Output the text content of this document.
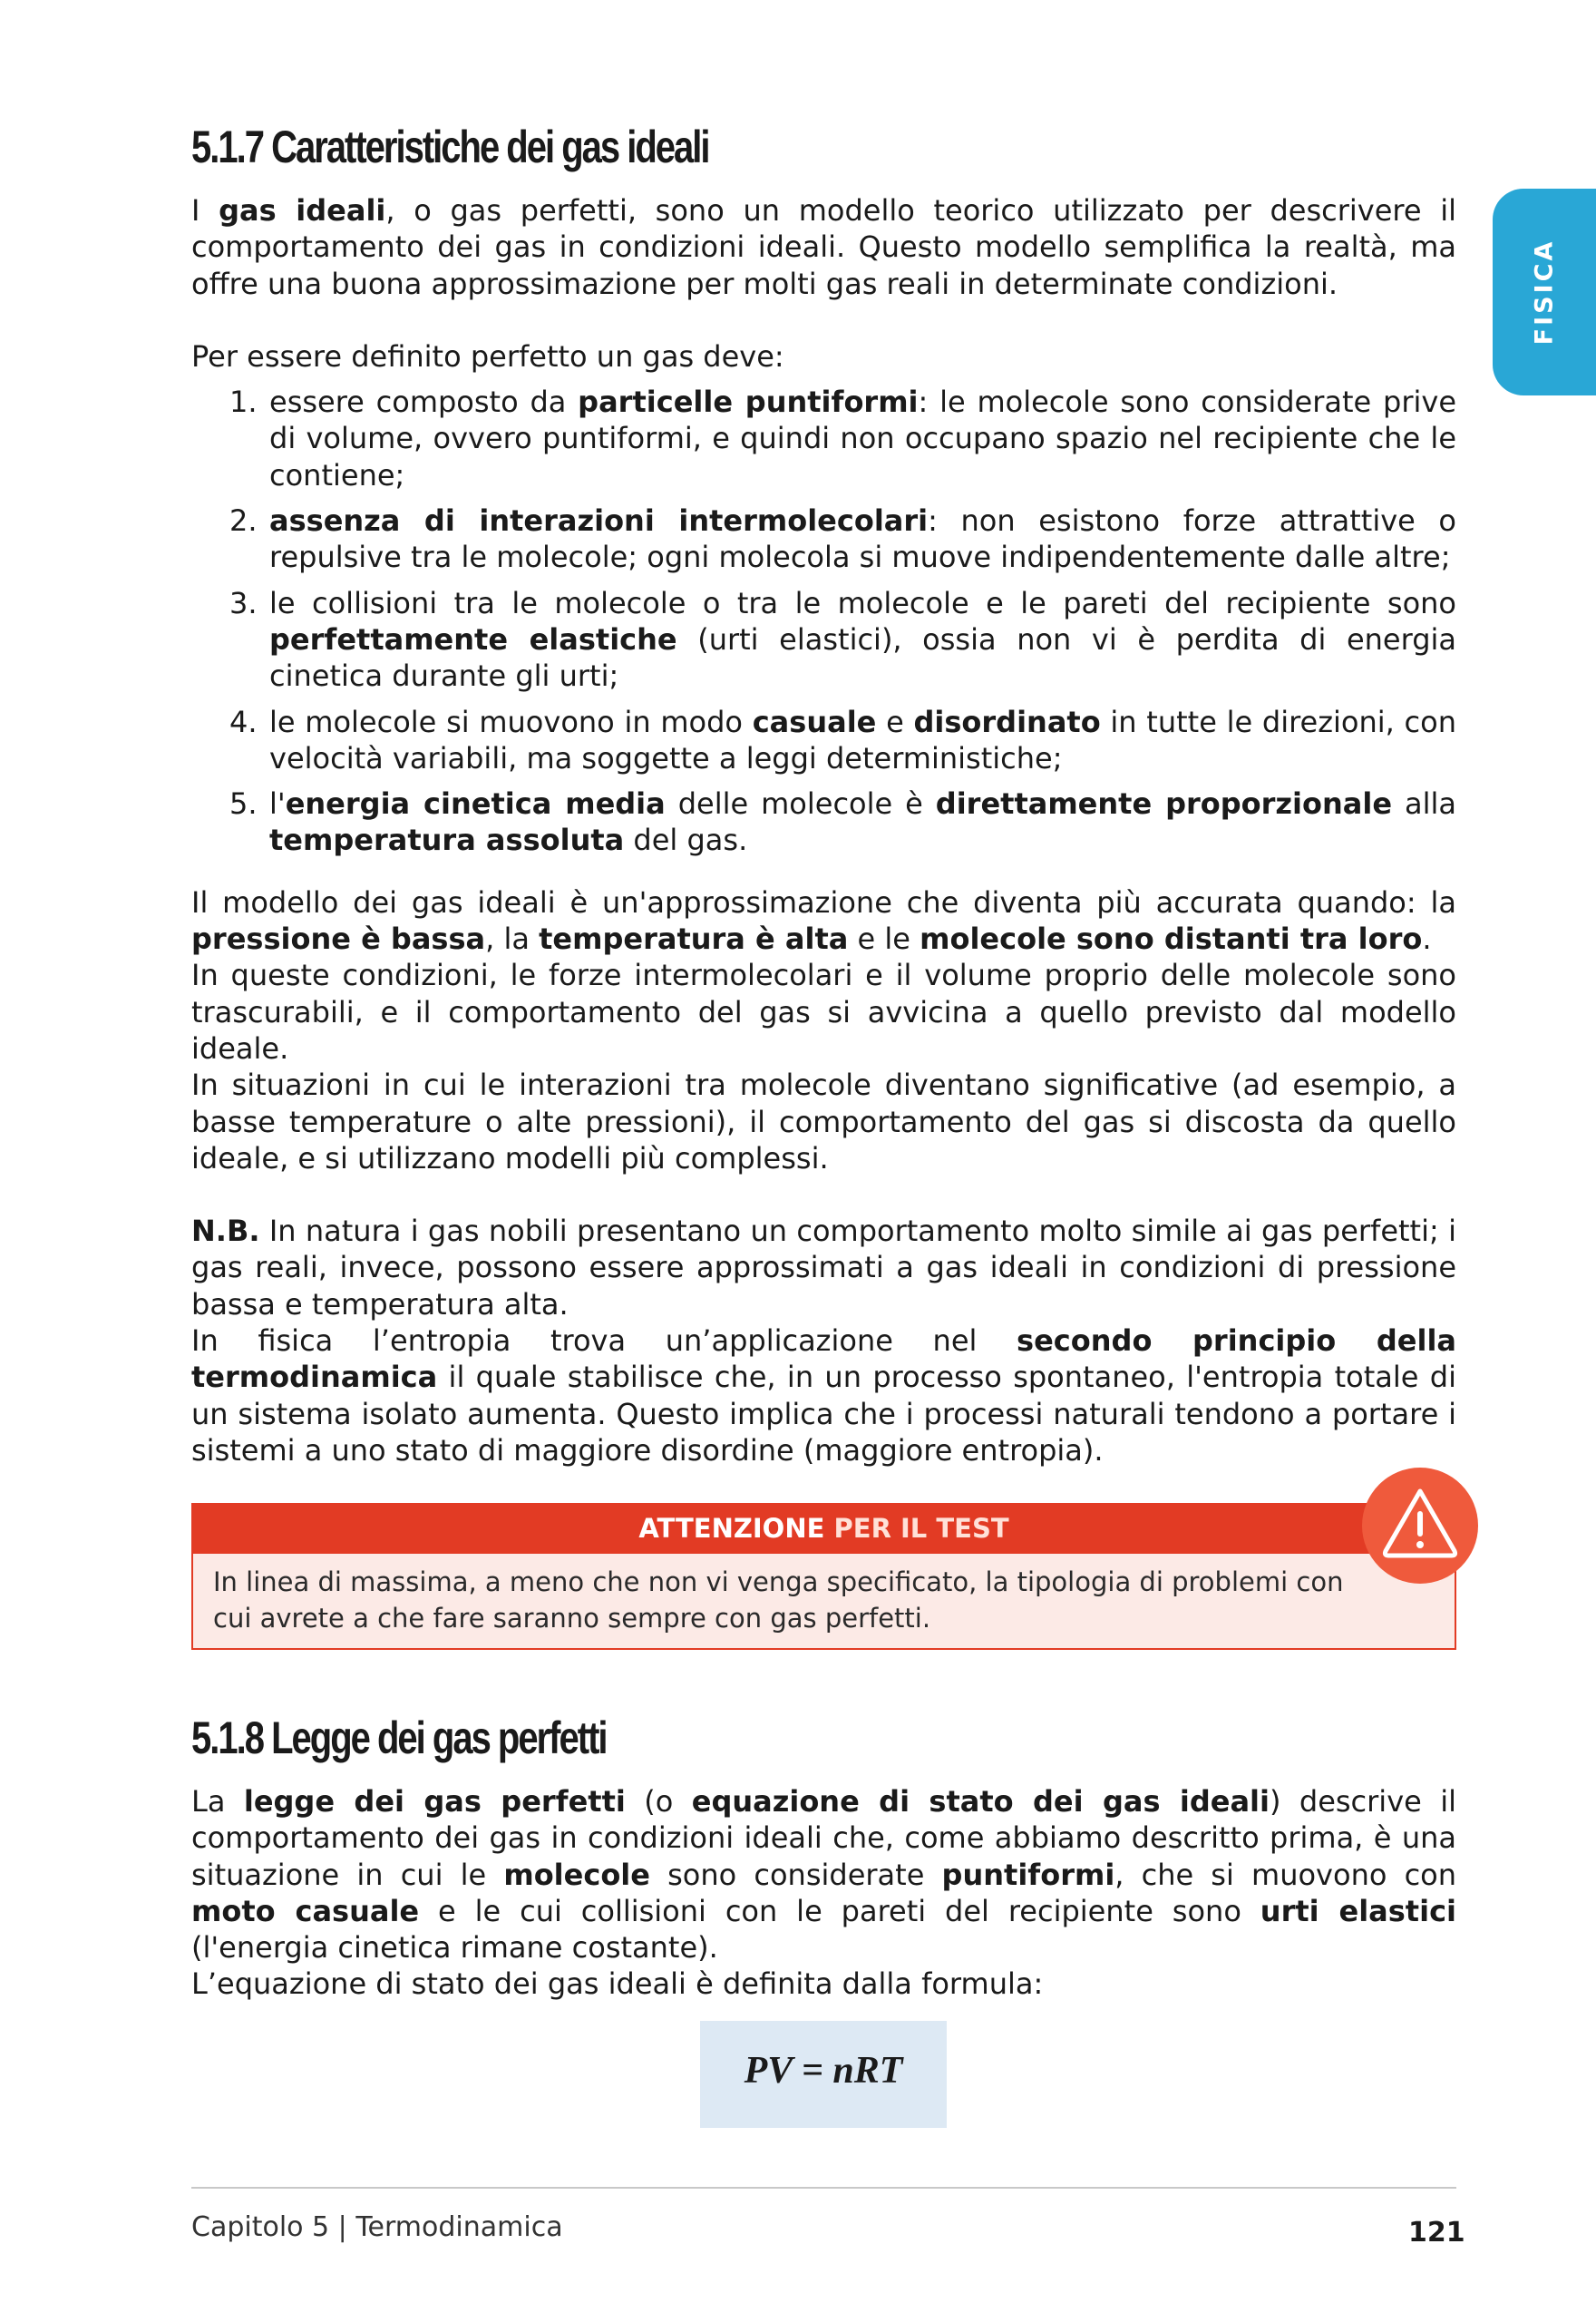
FISICA
5.1.7 Caratteristiche dei gas ideali

I gas ideali, o gas perfetti, sono un modello teorico utilizzato per descrivere il comportamento dei gas in condizioni ideali. Questo modello semplifica la realtà, ma offre una buona approssimazione per molti gas reali in determinate condizioni.

Per essere definito perfetto un gas deve:

1. essere composto da particelle puntiformi: le molecole sono considerate prive di volume, ovvero puntiformi, e quindi non occupano spazio nel recipiente che le contiene;
2. assenza di interazioni intermolecolari: non esistono forze attrattive o repulsive tra le molecole; ogni molecola si muove indipendentemente dalle altre;
3. le collisioni tra le molecole o tra le molecole e le pareti del recipiente sono perfettamente elastiche (urti elastici), ossia non vi è perdita di energia cinetica durante gli urti;
4. le molecole si muovono in modo casuale e disordinato in tutte le direzioni, con velocità variabili, ma soggette a leggi deterministiche;
5. l'energia cinetica media delle molecole è direttamente proporzionale alla temperatura assoluta del gas.

Il modello dei gas ideali è un'approssimazione che diventa più accurata quando: la pressione è bassa, la temperatura è alta e le molecole sono distanti tra loro.

In queste condizioni, le forze intermolecolari e il volume proprio delle molecole sono trascurabili, e il comportamento del gas si avvicina a quello previsto dal modello ideale.

In situazioni in cui le interazioni tra molecole diventano significative (ad esempio, a basse temperature o alte pressioni), il comportamento del gas si discosta da quello ideale, e si utilizzano modelli più complessi.

N.B. In natura i gas nobili presentano un comportamento molto simile ai gas perfetti; i gas reali, invece, possono essere approssimati a gas ideali in condizioni di pressione bassa e temperatura alta.

In fisica l’entropia trova un’applicazione nel secondo principio della termodinamica il quale stabilisce che, in un processo spontaneo, l'entropia totale di un sistema isolato aumenta. Questo implica che i processi naturali tendono a portare i sistemi a uno stato di maggiore disordine (maggiore entropia).

ATTENZIONE PER IL TEST

In linea di massima, a meno che non vi venga specificato, la tipologia di problemi con cui avrete a che fare saranno sempre con gas perfetti.

5.1.8 Legge dei gas perfetti

La legge dei gas perfetti (o equazione di stato dei gas ideali) descrive il comportamento dei gas in condizioni ideali che, come abbiamo descritto prima, è una situazione in cui le molecole sono considerate puntiformi, che si muovono con moto casuale e le cui collisioni con le pareti del recipiente sono urti elastici (l'energia cinetica rimane costante).

L’equazione di stato dei gas ideali è definita dalla formula:

PV = nRT
Capitolo 5 | Termodinamica	121
